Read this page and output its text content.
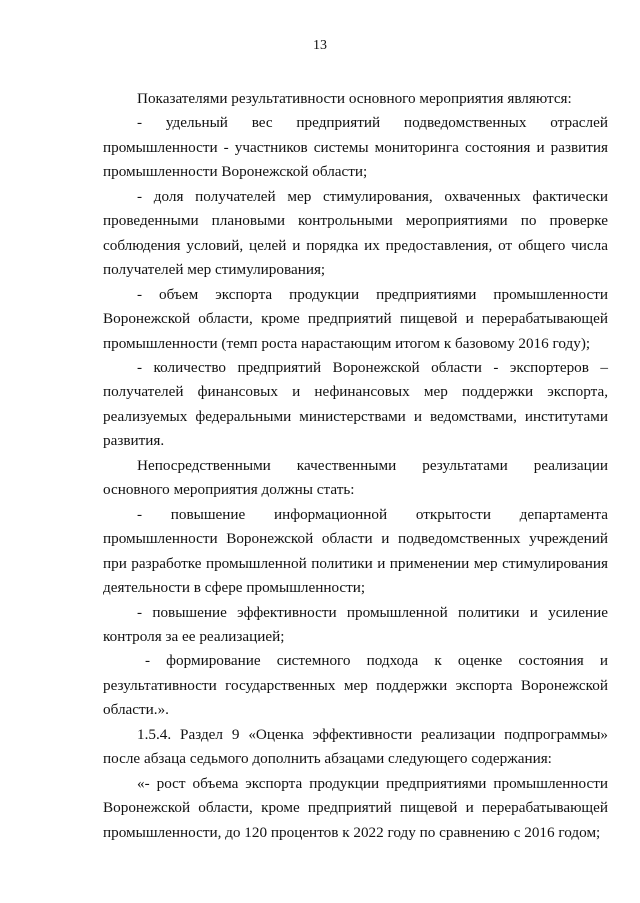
13

Показателями результативности основного мероприятия являются:

- удельный вес предприятий подведомственных отраслей промышленности - участников системы мониторинга состояния и развития промышленности Воронежской области;

- доля получателей мер стимулирования, охваченных фактически проведенными плановыми контрольными мероприятиями по проверке соблюдения условий, целей и порядка их предоставления, от общего числа получателей мер стимулирования;

- объем экспорта продукции предприятиями промышленности Воронежской области, кроме предприятий пищевой и перерабатывающей промышленности (темп роста нарастающим итогом к базовому 2016 году);

- количество предприятий Воронежской области - экспортеров – получателей финансовых и нефинансовых мер поддержки экспорта, реализуемых федеральными министерствами и ведомствами, институтами развития.

Непосредственными качественными результатами реализации основного мероприятия должны стать:

- повышение информационной открытости департамента промышленности Воронежской области и подведомственных учреждений при разработке промышленной политики и применении мер стимулирования деятельности в сфере промышленности;

- повышение эффективности промышленной политики и усиление контроля за ее реализацией;

- формирование системного подхода к оценке состояния и результативности государственных мер поддержки экспорта Воронежской области.».

1.5.4. Раздел 9 «Оценка эффективности реализации подпрограммы» после абзаца седьмого дополнить абзацами следующего содержания:

«- рост объема экспорта продукции предприятиями промышленности Воронежской области, кроме предприятий пищевой и перерабатывающей промышленности, до 120 процентов к 2022 году по сравнению с 2016 годом;
